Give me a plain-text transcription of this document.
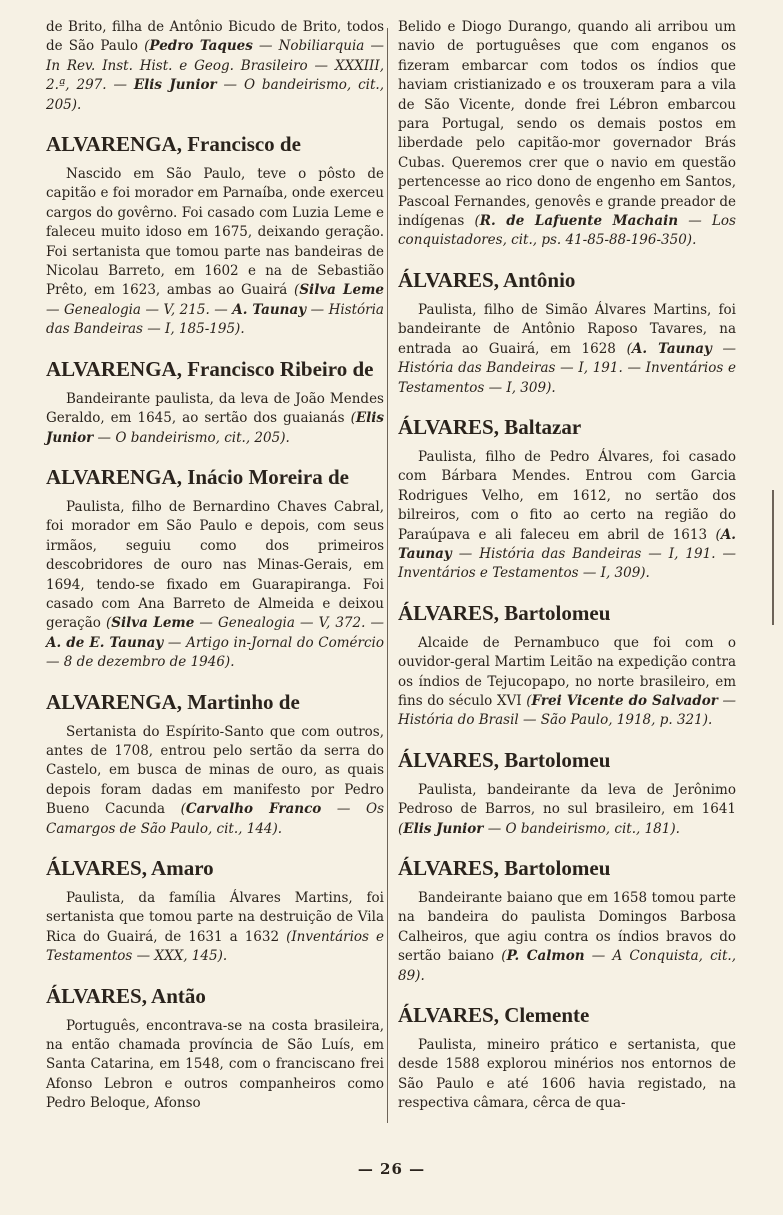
de Brito, filha de Antônio Bicudo de Brito, todos de São Paulo (Pedro Taques — Nobiliarquia — In Rev. Inst. Hist. e Geog. Brasileiro — XXXIII, 2.ª, 297. — Elis Junior — O bandeirismo, cit., 205).

ALVARENGA, Francisco de

Nascido em São Paulo, teve o pôsto de capitão e foi morador em Parnaíba, onde exerceu cargos do govêrno. Foi casado com Luzia Leme e faleceu muito idoso em 1675, deixando geração. Foi sertanista que tomou parte nas bandeiras de Nicolau Barreto, em 1602 e na de Sebastião Prêto, em 1623, ambas ao Guairá (Silva Leme — Genealogia — V, 215. — A. Taunay — História das Bandeiras — I, 185-195).

ALVARENGA, Francisco Ribeiro de

Bandeirante paulista, da leva de João Mendes Geraldo, em 1645, ao sertão dos guaianás (Elis Junior — O bandeirismo, cit., 205).

ALVARENGA, Inácio Moreira de

Paulista, filho de Bernardino Chaves Cabral, foi morador em São Paulo e depois, com seus irmãos, seguiu como dos primeiros descobridores de ouro nas Minas-Gerais, em 1694, tendo-se fixado em Guarapiranga. Foi casado com Ana Barreto de Almeida e deixou geração (Silva Leme — Genealogia — V, 372. — A. de E. Taunay — Artigo in-Jornal do Comércio — 8 de dezembro de 1946).

ALVARENGA, Martinho de

Sertanista do Espírito-Santo que com outros, antes de 1708, entrou pelo sertão da serra do Castelo, em busca de minas de ouro, as quais depois foram dadas em manifesto por Pedro Bueno Cacunda (Carvalho Franco — Os Camargos de São Paulo, cit., 144).

ÁLVARES, Amaro

Paulista, da família Álvares Martins, foi sertanista que tomou parte na destruição de Vila Rica do Guairá, de 1631 a 1632 (Inventários e Testamentos — XXX, 145).

ÁLVARES, Antão

Português, encontrava-se na costa brasileira, na então chamada província de São Luís, em Santa Catarina, em 1548, com o franciscano frei Afonso Lebron e outros companheiros como Pedro Beloque, Afonso

Belido e Diogo Durango, quando ali arribou um navio de portuguêses que com enganos os fizeram embarcar com todos os índios que haviam cristianizado e os trouxeram para a vila de São Vicente, donde frei Lébron embarcou para Portugal, sendo os demais postos em liberdade pelo capitão-mor governador Brás Cubas. Queremos crer que o navio em questão pertencesse ao rico dono de engenho em Santos, Pascoal Fernandes, genovês e grande preador de indígenas (R. de Lafuente Machain — Los conquistadores, cit., ps. 41-85-88-196-350).

ÁLVARES, Antônio

Paulista, filho de Simão Álvares Martins, foi bandeirante de Antônio Raposo Tavares, na entrada ao Guairá, em 1628 (A. Taunay — História das Bandeiras — I, 191. — Inventários e Testamentos — I, 309).

ÁLVARES, Baltazar

Paulista, filho de Pedro Álvares, foi casado com Bárbara Mendes. Entrou com Garcia Rodrigues Velho, em 1612, no sertão dos bilreiros, com o fito ao certo na região do Paraúpava e ali faleceu em abril de 1613 (A. Taunay — História das Bandeiras — I, 191. — Inventários e Testamentos — I, 309).

ÁLVARES, Bartolomeu

Alcaide de Pernambuco que foi com o ouvidor-geral Martim Leitão na expedição contra os índios de Tejucopapo, no norte brasileiro, em fins do século XVI (Frei Vicente do Salvador — História do Brasil — São Paulo, 1918, p. 321).

ÁLVARES, Bartolomeu

Paulista, bandeirante da leva de Jerônimo Pedroso de Barros, no sul brasileiro, em 1641 (Elis Junior — O bandeirismo, cit., 181).

ÁLVARES, Bartolomeu

Bandeirante baiano que em 1658 tomou parte na bandeira do paulista Domingos Barbosa Calheiros, que agiu contra os índios bravos do sertão baiano (P. Calmon — A Conquista, cit., 89).

ÁLVARES, Clemente

Paulista, mineiro prático e sertanista, que desde 1588 explorou minérios nos entornos de São Paulo e até 1606 havia registado, na respectiva câmara, cêrca de qua-

— 26 —
